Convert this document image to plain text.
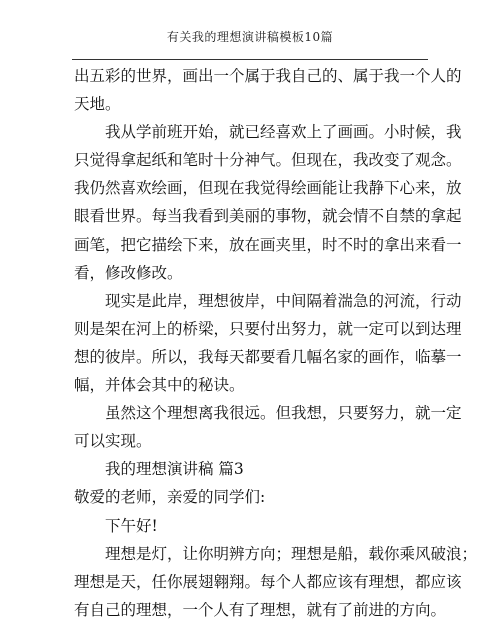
有关我的理想演讲稿模板10篇
出五彩的世界，画出一个属于我自己的、属于我一个人的
天地。
我从学前班开始，就已经喜欢上了画画。小时候，我
只觉得拿起纸和笔时十分神气。但现在，我改变了观念。
我仍然喜欢绘画，但现在我觉得绘画能让我静下心来，放
眼看世界。每当我看到美丽的事物，就会情不自禁的拿起
画笔，把它描绘下来，放在画夹里，时不时的拿出来看一
看，修改修改。
现实是此岸，理想彼岸，中间隔着湍急的河流，行动
则是架在河上的桥梁，只要付出努力，就一定可以到达理
想的彼岸。所以，我每天都要看几幅名家的画作，临摹一
幅，并体会其中的秘诀。
虽然这个理想离我很远。但我想，只要努力，就一定
可以实现。
我的理想演讲稿 篇3
敬爱的老师，亲爱的同学们:
下午好!
理想是灯，让你明辨方向；理想是船，载你乘风破浪；
理想是天，任你展翅翱翔。每个人都应该有理想，都应该
有自己的理想，一个人有了理想，就有了前进的方向。
